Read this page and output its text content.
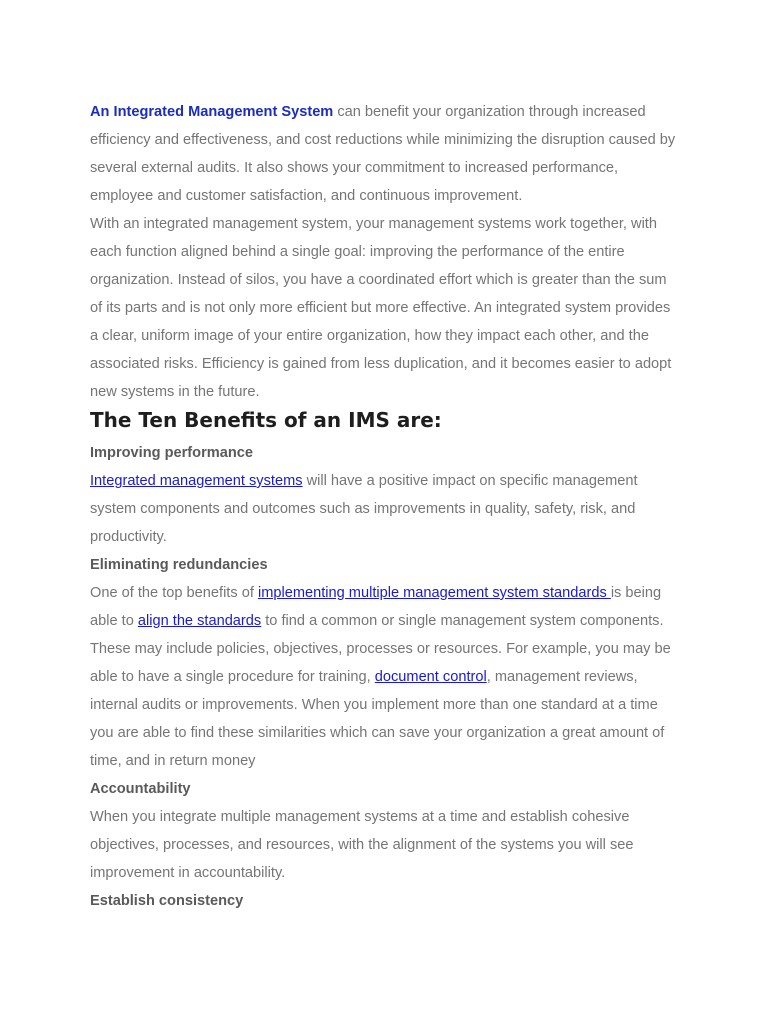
An Integrated Management System can benefit your organization through increased efficiency and effectiveness, and cost reductions while minimizing the disruption caused by several external audits. It also shows your commitment to increased performance, employee and customer satisfaction, and continuous improvement.

With an integrated management system, your management systems work together, with each function aligned behind a single goal: improving the performance of the entire organization. Instead of silos, you have a coordinated effort which is greater than the sum of its parts and is not only more efficient but more effective. An integrated system provides a clear, uniform image of your entire organization, how they impact each other, and the associated risks. Efficiency is gained from less duplication, and it becomes easier to adopt new systems in the future.

The Ten Benefits of an IMS are:
Improving performance

Integrated management systems will have a positive impact on specific management system components and outcomes such as improvements in quality, safety, risk, and productivity.

Eliminating redundancies

One of the top benefits of implementing multiple management system standards is being able to align the standards to find a common or single management system components. These may include policies, objectives, processes or resources. For example, you may be able to have a single procedure for training, document control, management reviews, internal audits or improvements. When you implement more than one standard at a time you are able to find these similarities which can save your organization a great amount of time, and in return money

Accountability

When you integrate multiple management systems at a time and establish cohesive objectives, processes, and resources, with the alignment of the systems you will see improvement in accountability.

Establish consistency
